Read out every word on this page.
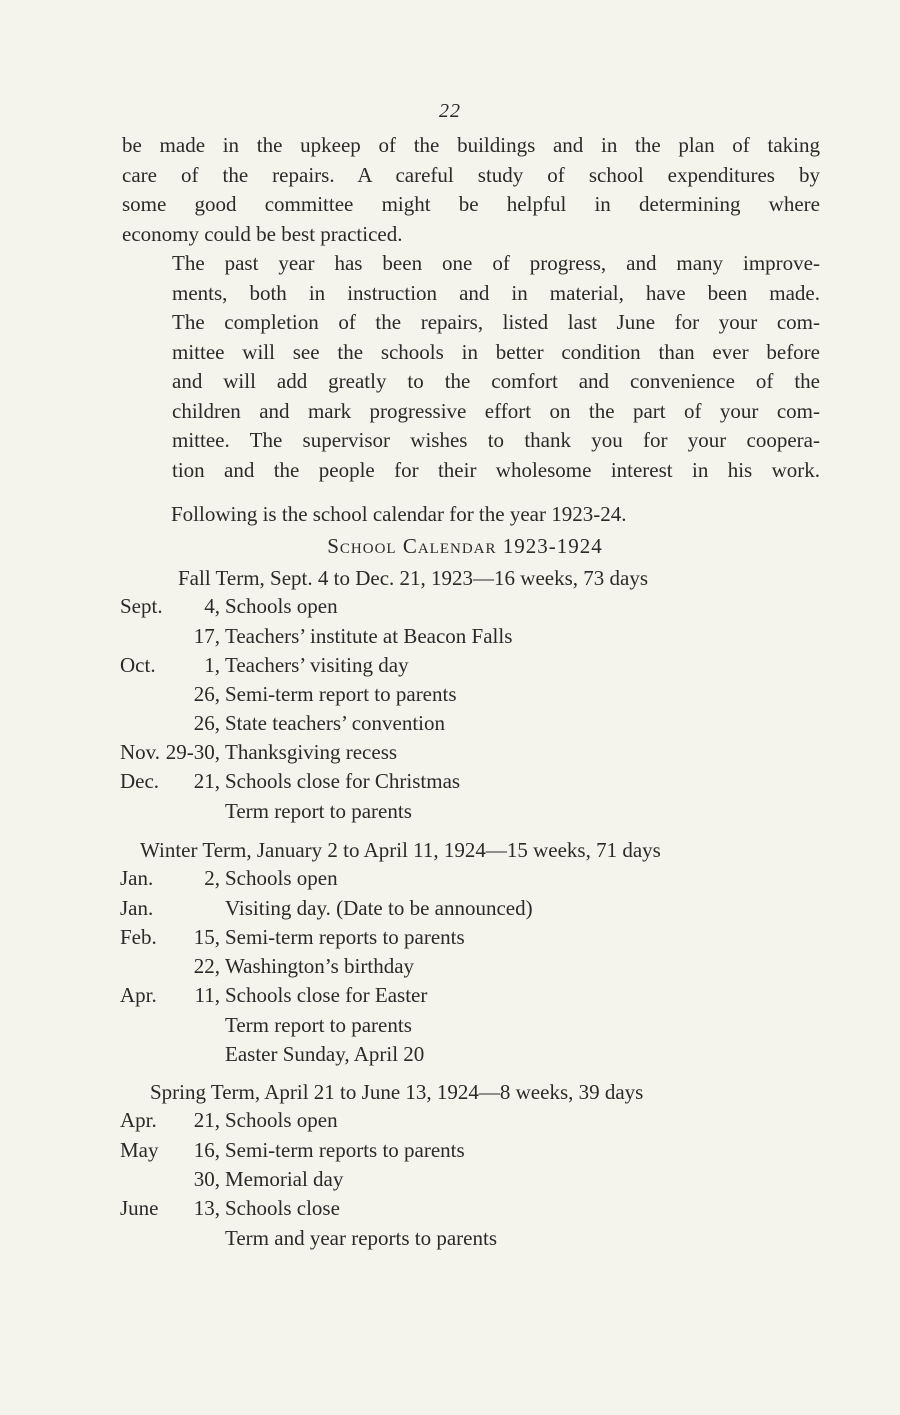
22

be made in the upkeep of the buildings and in the plan of taking
care of the repairs. A careful study of school expenditures by
some good committee might be helpful in determining where
economy could be best practiced.

The past year has been one of progress, and many improve-
ments, both in instruction and in material, have been made.
The completion of the repairs, listed last June for your com-
mittee will see the schools in better condition than ever before
and will add greatly to the comfort and convenience of the
children and mark progressive effort on the part of your com-
mittee. The supervisor wishes to thank you for your coopera-
tion and the people for their wholesome interest in his work.

Following is the school calendar for the year 1923-24.
School Calendar 1923-1924
Fall Term, Sept. 4 to Dec. 21, 1923—16 weeks, 73 days
Sept.	4, Schools open
17, Teachers’ institute at Beacon Falls
Oct.	1, Teachers’ visiting day
26, Semi-term report to parents
26, State teachers’ convention
Nov. 29-30, Thanksgiving recess
Dec.	21, Schools close for Christmas
Term report to parents
Winter Term, January 2 to April 11, 1924—15 weeks, 71 days
Jan.	2, Schools open
Jan.	Visiting day. (Date to be announced)
Feb.	15, Semi-term reports to parents
22, Washington’s birthday
Apr.	11, Schools close for Easter
Term report to parents
Easter Sunday, April 20
Spring Term, April 21 to June 13, 1924—8 weeks, 39 days
Apr.	21, Schools open
May	16, Semi-term reports to parents
30, Memorial day
June	13, Schools close
Term and year reports to parents
